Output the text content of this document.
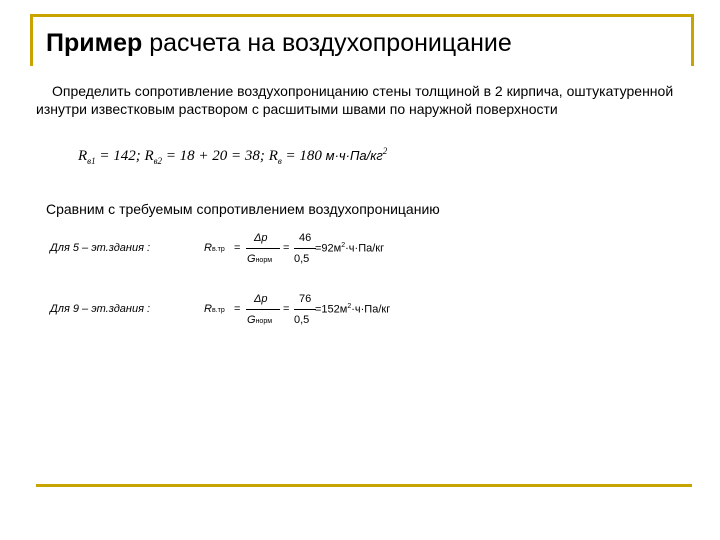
Пример расчета на воздухопроницание
Определить сопротивление воздухопроницанию стены толщиной в 2 кирпича, оштукатуренной изнутри известковым раствором с расшитыми швами по наружной поверхности
$R_{в1} = 142$; $R_{в2} = 18 + 20 = 38$; $R_в = 180$ $м\cdot ч\cdot Па/кг^2$
Сравним с требуемым сопротивлением воздухопроницанию
Для 5 – эт.здания :	Rв.тр =
Δp
Gнорм
=
46
0,5
$=92м^2\cdot ч\cdot Па/кг$
Для 9 – эт.здания :	Rв.тр =
Δp
Gнорм
=
76
0,5
$=152м^2\cdot ч\cdot Па/кг$
